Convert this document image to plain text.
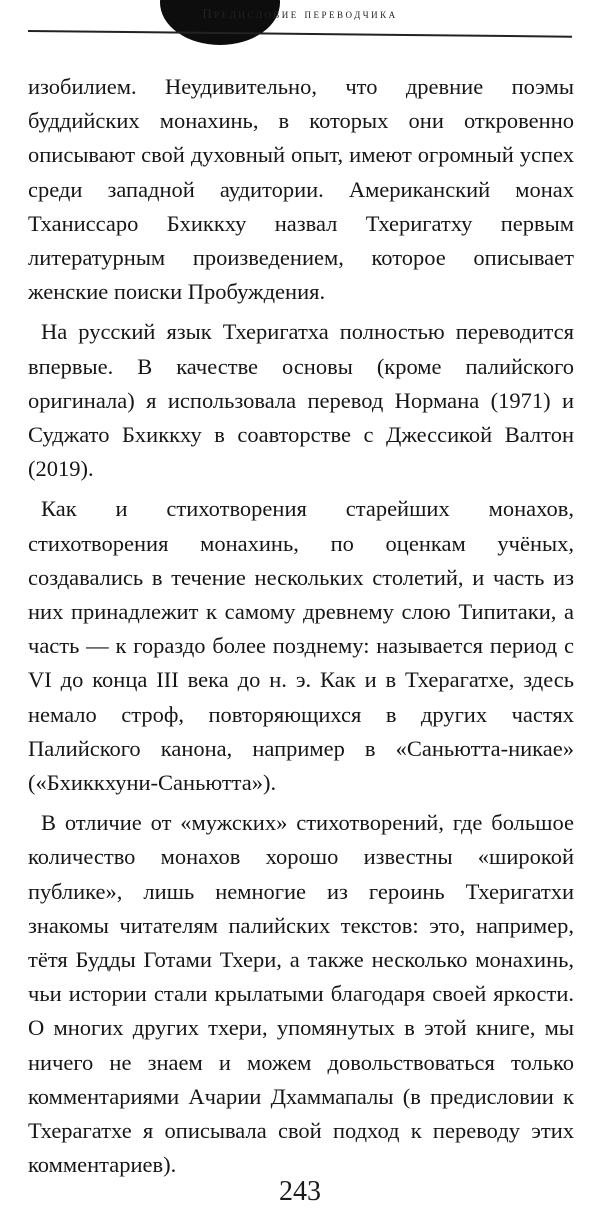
Предисловие переводчика

изобилием. Неудивительно, что древние поэмы буддийских монахинь, в которых они откровенно описывают свой духовный опыт, имеют огромный успех среди западной аудитории. Американский монах Тханиссаро Бхиккху назвал Тхеригатху первым литературным произведением, которое описывает женские поиски Пробуждения.

На русский язык Тхеригатха полностью переводится впервые. В качестве основы (кроме палийского оригинала) я использовала перевод Нормана (1971) и Суджато Бхиккху в соавторстве с Джессикой Валтон (2019).

Как и стихотворения старейших монахов, стихотворения монахинь, по оценкам учёных, создавались в течение нескольких столетий, и часть из них принадлежит к самому древнему слою Типитаки, а часть — к гораздо более позднему: называется период с VI до конца III века до н. э. Как и в Тхерагатхе, здесь немало строф, повторяющихся в других частях Палийского канона, например в «Саньютта-никае» («Бхиккхуни-Саньютта»).

В отличие от «мужских» стихотворений, где большое количество монахов хорошо известны «широкой публике», лишь немногие из героинь Тхеригатхи знакомы читателям палийских текстов: это, например, тётя Будды Готами Тхери, а также несколько монахинь, чьи истории стали крылатыми благодаря своей яркости. О многих других тхери, упомянутых в этой книге, мы ничего не знаем и можем довольствоваться только комментариями Ачарии Дхаммапалы (в предисловии к Тхерагатхе я описывала свой подход к переводу этих комментариев).

243
